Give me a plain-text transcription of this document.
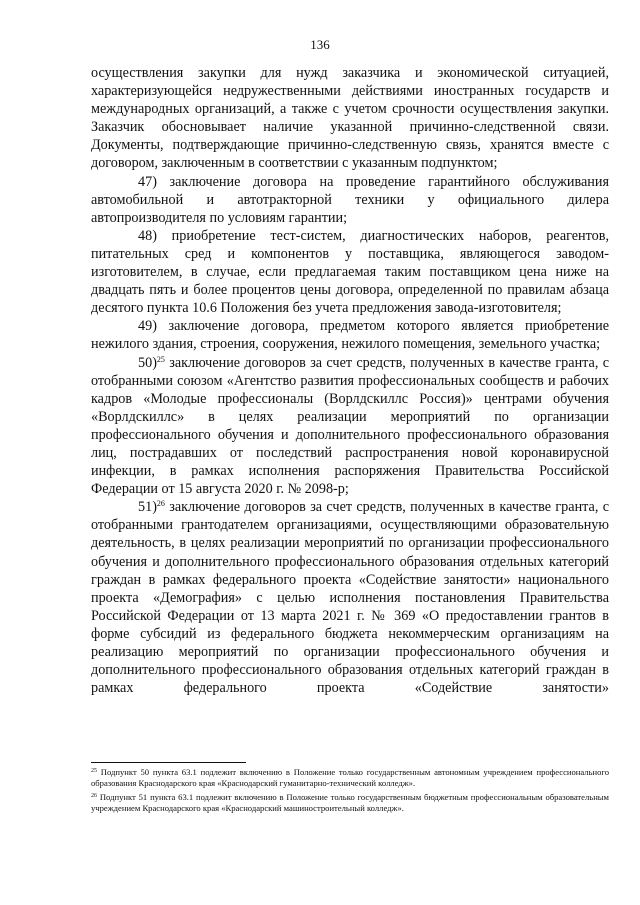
136

осуществления закупки для нужд заказчика и экономической ситуацией, характеризующейся недружественными действиями иностранных государств и международных организаций, а также с учетом срочности осуществления закупки. Заказчик обосновывает наличие указанной причинно-следственной связи. Документы, подтверждающие причинно-следственную связь, хранятся вместе с договором, заключенным в соответствии с указанным подпунктом;

47) заключение договора на проведение гарантийного обслуживания автомобильной и автотракторной техники у официального дилера автопроизводителя по условиям гарантии;

48) приобретение тест-систем, диагностических наборов, реагентов, питательных сред и компонентов у поставщика, являющегося заводом-изготовителем, в случае, если предлагаемая таким поставщиком цена ниже на двадцать пять и более процентов цены договора, определенной по правилам абзаца десятого пункта 10.6 Положения без учета предложения завода-изготовителя;

49) заключение договора, предметом которого является приобретение нежилого здания, строения, сооружения, нежилого помещения, земельного участка;

50)$^{25}$ заключение договоров за счет средств, полученных в качестве гранта, с отобранными союзом «Агентство развития профессиональных сообществ и рабочих кадров «Молодые профессионалы (Ворлдскиллс Россия)» центрами обучения «Ворлдскиллс» в целях реализации мероприятий по организации профессионального обучения и дополнительного профессионального образования лиц, пострадавших от последствий распространения новой коронавирусной инфекции, в рамках исполнения распоряжения Правительства Российской Федерации от 15 августа 2020 г. № 2098-р;

51)$^{26}$ заключение договоров за счет средств, полученных в качестве гранта, с отобранными грантодателем организациями, осуществляющими образовательную деятельность, в целях реализации мероприятий по организации профессионального обучения и дополнительного профессионального образования отдельных категорий граждан в рамках федерального проекта «Содействие занятости» национального проекта «Демография» с целью исполнения постановления Правительства Российской Федерации от 13 марта 2021 г. № 369 «О предоставлении грантов в форме субсидий из федерального бюджета некоммерческим организациям на реализацию мероприятий по организации профессионального обучения и дополнительного профессионального образования отдельных категорий граждан в рамках федерального проекта «Содействие занятости»

$^{25}$ Подпункт 50 пункта 63.1 подлежит включению в Положение только государственным автономным учреждением профессионального образования Краснодарского края «Краснодарский гуманитарно-технический колледж».

$^{26}$ Подпункт 51 пункта 63.1 подлежит включению в Положение только государственным бюджетным профессиональным образовательным учреждением Краснодарского края «Краснодарский машиностроительный колледж».
